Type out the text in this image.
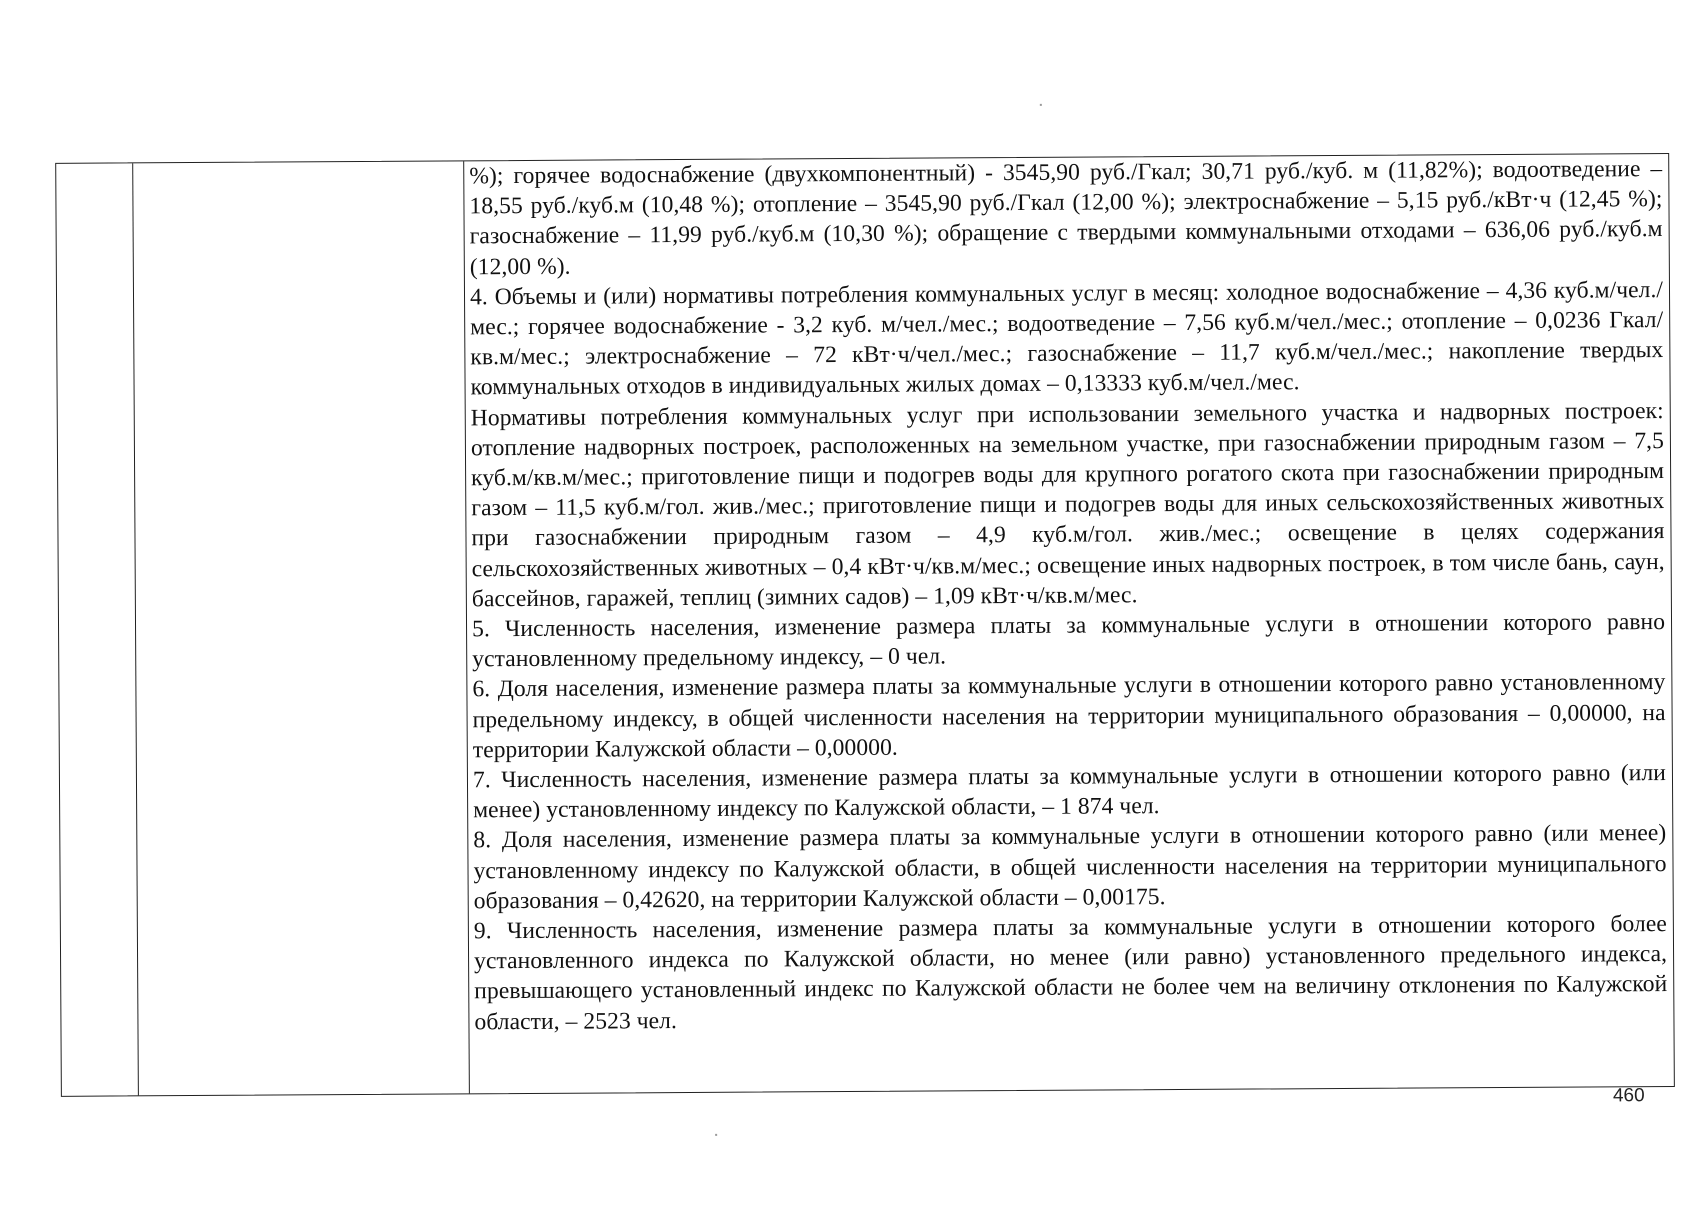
%); горячее водоснабжение (двухкомпонентный) - 3545,90 руб./Гкал; 30,71 руб./куб. м (11,82%); водоотведение – 18,55 руб./куб.м (10,48 %); отопление – 3545,90 руб./Гкал (12,00 %); электроснабжение – 5,15 руб./кВт·ч (12,45 %); газоснабжение – 11,99 руб./куб.м (10,30 %); обращение с твердыми коммунальными отходами – 636,06 руб./куб.м (12,00 %).

4. Объемы и (или) нормативы потребления коммунальных услуг в месяц: холодное водоснабжение – 4,36 куб.м/чел./мес.; горячее водоснабжение - 3,2 куб. м/чел./мес.; водоотведение – 7,56 куб.м/чел./мес.; отопление – 0,0236 Гкал/кв.м/мес.; электроснабжение – 72 кВт·ч/чел./мес.; газоснабжение – 11,7 куб.м/чел./мес.; накопление твердых коммунальных отходов в индивидуальных жилых домах – 0,13333 куб.м/чел./мес.

Нормативы потребления коммунальных услуг при использовании земельного участка и надворных построек: отопление надворных построек, расположенных на земельном участке, при газоснабжении природным газом – 7,5 куб.м/кв.м/мес.; приготовление пищи и подогрев воды для крупного рогатого скота при газоснабжении природным газом – 11,5 куб.м/гол. жив./мес.; приготовление пищи и подогрев воды для иных сельскохозяйственных животных при газоснабжении природным газом – 4,9 куб.м/гол. жив./мес.; освещение в целях содержания сельскохозяйственных животных – 0,4 кВт·ч/кв.м/мес.; освещение иных надворных построек, в том числе бань, саун, бассейнов, гаражей, теплиц (зимних садов) – 1,09 кВт·ч/кв.м/мес.

5. Численность населения, изменение размера платы за коммунальные услуги в отношении которого равно установленному предельному индексу, – 0 чел.

6. Доля населения, изменение размера платы за коммунальные услуги в отношении которого равно установленному предельному индексу, в общей численности населения на территории муниципального образования – 0,00000, на территории Калужской области – 0,00000.

7. Численность населения, изменение размера платы за коммунальные услуги в отношении которого равно (или менее) установленному индексу по Калужской области, – 1 874 чел.

8. Доля населения, изменение размера платы за коммунальные услуги в отношении которого равно (или менее) установленному индексу по Калужской области, в общей численности населения на территории муниципального образования – 0,42620, на территории Калужской области – 0,00175.

9. Численность населения, изменение размера платы за коммунальные услуги в отношении которого более установленного индекса по Калужской области, но менее (или равно) установленного предельного индекса, превышающего установленный индекс по Калужской области не более чем на величину отклонения по Калужской области, – 2523 чел.

460
